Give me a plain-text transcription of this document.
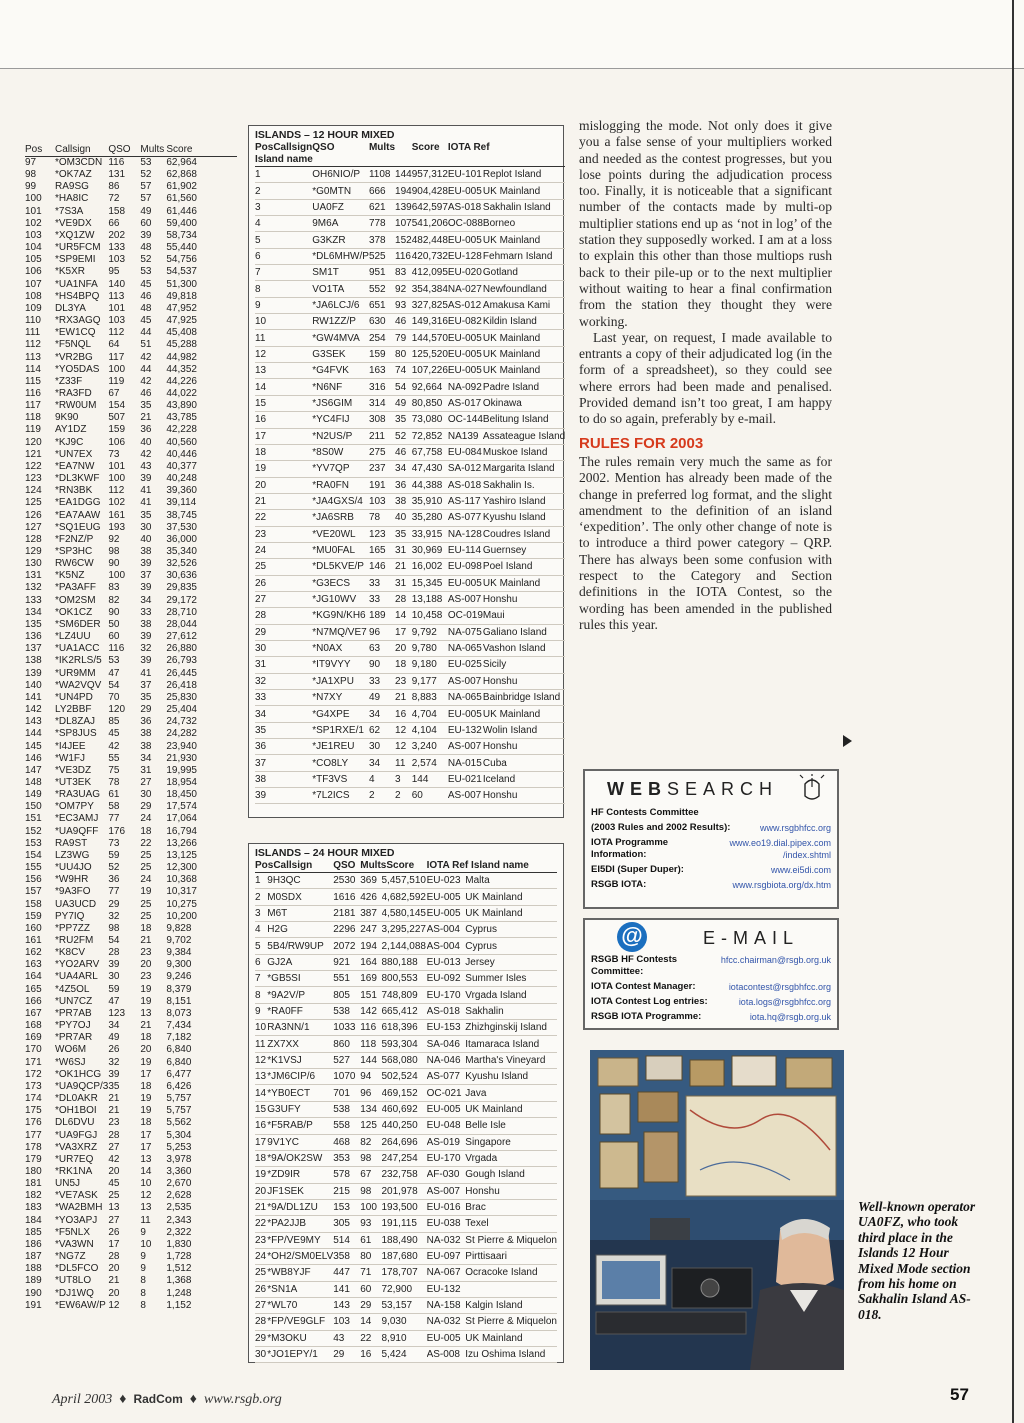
Pos	Callsign	QSO	Mults	Score
97	*OM3CDN	116	53	62,964
98	*OK7AZ	131	52	62,868
99	RA9SG	86	57	61,902
100	*HA8IC	72	57	61,560
101	*7S3A	158	49	61,446
102	*VE9DX	66	60	59,400
103	*XQ1ZW	202	39	58,734
104	*UR5FCM	133	48	55,440
105	*SP9EMI	103	52	54,756
106	*K5XR	95	53	54,537
107	*UA1NFA	140	45	51,300
108	*HS4BPQ	113	46	49,818
109	DL3YA	101	48	47,952
110	*RX3AGQ	103	45	47,925
111	*EW1CQ	112	44	45,408
112	*F5NQL	64	51	45,288
113	*VR2BG	117	42	44,982
114	*YO5DAS	100	44	44,352
115	*Z33F	119	42	44,226
116	*RA3FD	67	46	44,022
117	*RW0UM	154	35	43,890
118	9K90	507	21	43,785
119	AY1DZ	159	36	42,228
120	*KJ9C	106	40	40,560
121	*UN7EX	73	42	40,446
122	*EA7NW	101	43	40,377
123	*DL3KWF	100	39	40,248
124	*RN3BK	112	41	39,360
125	*EA1DGG	102	41	39,114
126	*EA7AAW	161	35	38,745
127	*SQ1EUG	193	30	37,530
128	*F2NZ/P	92	40	36,000
129	*SP3HC	98	38	35,340
130	RW6CW	90	39	32,526
131	*K5NZ	100	37	30,636
132	*PA3AFF	83	39	29,835
133	*OM2SM	82	34	29,172
134	*OK1CZ	90	33	28,710
135	*SM6DER	50	38	28,044
136	*LZ4UU	60	39	27,612
137	*UA1ACC	116	32	26,880
138	*IK2RLS/5	53	39	26,793
139	*UR9MM	47	41	26,445
140	*WA2VQV	54	37	26,418
141	*UN4PD	70	35	25,830
142	LY2BBF	120	29	25,404
143	*DL8ZAJ	85	36	24,732
144	*SP8JUS	45	38	24,282
145	*I4JEE	42	38	23,940
146	*W1FJ	55	34	21,930
147	*VE3DZ	75	31	19,995
148	*UT3EK	78	27	18,954
149	*RA3UAG	61	30	18,450
150	*OM7PY	58	29	17,574
151	*EC3AMJ	77	24	17,064
152	*UA9QFF	176	18	16,794
153	RA9ST	73	22	13,266
154	LZ3WG	59	25	13,125
155	*UU4JO	52	25	12,300
156	*W9HR	36	24	10,368
157	*9A3FO	77	19	10,317
158	UA3UCD	29	25	10,275
159	PY7IQ	32	25	10,200
160	*PP7ZZ	98	18	9,828
161	*RU2FM	54	21	9,702
162	*K8CV	28	23	9,384
163	*YO2ARV	39	20	9,300
164	*UA4ARL	30	23	9,246
165	*4Z5OL	59	19	8,379
166	*UN7CZ	47	19	8,151
167	*PR7AB	123	13	8,073
168	*PY7OJ	34	21	7,434
169	*PR7AR	49	18	7,182
170	WO6M	26	20	6,840
171	*W6SJ	32	19	6,840
172	*OK1HCG	39	17	6,477
173	*UA9QCP/3	35	18	6,426
174	*DL0AKR	21	19	5,757
175	*OH1BOI	21	19	5,757
176	DL6DVU	23	18	5,562
177	*UA9FGJ	28	17	5,304
178	*VA3XRZ	27	17	5,253
179	*UR7EQ	42	13	3,978
180	*RK1NA	20	14	3,360
181	UN5J	45	10	2,670
182	*VE7ASK	25	12	2,628
183	*WA2BMH	13	13	2,535
184	*YO3APJ	27	11	2,343
185	*F5NLX	26	9	2,322
186	*VA3WN	17	10	1,830
187	*NG7Z	28	9	1,728
188	*DL5FCO	20	9	1,512
189	*UT8LO	21	8	1,368
190	*DJ1WQ	20	8	1,248
191	*EW6AW/P	12	8	1,152
ISLANDS – 12 HOUR MIXED						
PosCallsign	QSO	Mults		Score	IOTA Ref	
Island name						
1	OH6NIO/P	1108	144	957,312	EU-101	Replot Island
2	*G0MTN	666	194	904,428	EU-005	UK Mainland
3	UA0FZ	621	139	642,597	AS-018	Sakhalin Island
4	9M6A	778	107	541,206	OC-088	Borneo
5	G3KZR	378	152	482,448	EU-005	UK Mainland
6	*DL6MHW/P	525	116	420,732	EU-128	Fehmarn Island
7	SM1T	951	83	412,095	EU-020	Gotland
8	VO1TA	552	92	354,384	NA-027	Newfoundland
9	*JA6LCJ/6	651	93	327,825	AS-012	Amakusa Kami
10	RW1ZZ/P	630	46	149,316	EU-082	Kildin Island
11	*GW4MVA	254	79	144,570	EU-005	UK Mainland
12	G3SEK	159	80	125,520	EU-005	UK Mainland
13	*G4FVK	163	74	107,226	EU-005	UK Mainland
14	*N6NF	316	54	92,664	NA-092	Padre Island
15	*JS6GIM	314	49	80,850	AS-017	Okinawa
16	*YC4FIJ	308	35	73,080	OC-144	Belitung Island
17	*N2US/P	211	52	72,852	NA139	Assateague Island
18	*8S0W	275	46	67,758	EU-084	Muskoe Island
19	*YV7QP	237	34	47,430	SA-012	Margarita Island
20	*RA0FN	191	36	44,388	AS-018	Sakhalin Is.
21	*JA4GXS/4	103	38	35,910	AS-117	Yashiro Island
22	*JA6SRB	78	40	35,280	AS-077	Kyushu Island
23	*VE20WL	123	35	33,915	NA-128	Coudres Island
24	*MU0FAL	165	31	30,969	EU-114	Guernsey
25	*DL5KVE/P	146	21	16,002	EU-098	Poel Island
26	*G3ECS	33	31	15,345	EU-005	UK Mainland
27	*JG10WV	33	28	13,188	AS-007	Honshu
28	*KG9N/KH6	189	14	10,458	OC-019	Maui
29	*N7MQ/VE7	96	17	9,792	NA-075	Galiano Island
30	*N0AX	63	20	9,780	NA-065	Vashon Island
31	*IT9VYY	90	18	9,180	EU-025	Sicily
32	*JA1XPU	33	23	9,177	AS-007	Honshu
33	*N7XY	49	21	8,883	NA-065	Bainbridge Island
34	*G4XPE	34	16	4,704	EU-005	UK Mainland
35	*SP1RXE/1	62	12	4,104	EU-132	Wolin Island
36	*JE1REU	30	12	3,240	AS-007	Honshu
37	*CO8LY	34	11	2,574	NA-015	Cuba
38	*TF3VS	4	3	144	EU-021	Iceland
39	*7L2ICS	2	2	60	AS-007	Honshu
ISLANDS – 24 HOUR MIXED						
PosCallsign		QSO	MultsScore		IOTA Ref Island name	
1	9H3QC	2530	369	5,457,510	EU-023	Malta
2	M0SDX	1616	426	4,682,592	EU-005	UK Mainland
3	M6T	2181	387	4,580,145	EU-005	UK Mainland
4	H2G	2296	247	3,295,227	AS-004	Cyprus
5	5B4/RW9UP	2072	194	2,144,088	AS-004	Cyprus
6	GJ2A	921	164	880,188	EU-013	Jersey
7	*GB5SI	551	169	800,553	EU-092	Summer Isles
8	*9A2V/P	805	151	748,809	EU-170	Vrgada Island
9	*RA0FF	538	142	665,412	AS-018	Sakhalin
10	RA3NN/1	1033	116	618,396	EU-153	Zhizhginskij Island
11	ZX7XX	860	118	593,304	SA-046	Itamaraca Island
12	*K1VSJ	527	144	568,080	NA-046	Martha's Vineyard
13	*JM6CIP/6	1070	94	502,524	AS-077	Kyushu Island
14	*YB0ECT	701	96	469,152	OC-021	Java
15	G3UFY	538	134	460,692	EU-005	UK Mainland
16	*F5RAB/P	558	125	440,250	EU-048	Belle Isle
17	9V1YC	468	82	264,696	AS-019	Singapore
18	*9A/OK2SW	353	98	247,254	EU-170	Vrgada
19	*ZD9IR	578	67	232,758	AF-030	Gough Island
20	JF1SEK	215	98	201,978	AS-007	Honshu
21	*9A/DL1ZU	153	100	193,500	EU-016	Brac
22	*PA2JJB	305	93	191,115	EU-038	Texel
23	*FP/VE9MY	514	61	188,490	NA-032	St Pierre & Miquelon
24	*OH2/SM0ELV	358	80	187,680	EU-097	Pirttisaari
25	*WB8YJF	447	71	178,707	NA-067	Ocracoke Island
26	*SN1A	141	60	72,900	EU-132	
27	*WL70	143	29	53,157	NA-158	Kalgin Island
28	*FP/VE9GLF	103	14	9,030	NA-032	St Pierre & Miquelon
29	*M3OKU	43	22	8,910	EU-005	UK Mainland
30	*JO1EPY/1	29	16	5,424	AS-008	Izu Oshima Island

mislogging the mode. Not only does it give you a false sense of your multipliers worked and needed as the contest progresses, but you lose points during the adjudication process too. Finally, it is noticeable that a significant number of the contacts made by multi-op multiplier stations end up as ‘not in log’ of the station they supposedly worked. I am at a loss to explain this other than those multiops rush back to their pile-up or to the next multiplier without waiting to hear a final confirmation from the station they thought they were working.

Last year, on request, I made available to entrants a copy of their adjudicated log (in the form of a spreadsheet), so they could see where errors had been made and penalised. Provided demand isn’t too great, I am happy to do so again, preferably by e-mail.

RULES FOR 2003

The rules remain very much the same as for 2002. Mention has already been made of the change in preferred log format, and the slight amendment to the definition of an island ‘expedition’. The only other change of note is to introduce a third power category – QRP. There has always been some confusion with respect to the Category and Section definitions in the IOTA Contest, so the wording has been amended in the published rules this year.

WEBSEARCH
HF Contests Committee
(2003 Rules and 2002 Results):	www.rsgbhfcc.org
IOTA Programme Information:
www.eo19.dial.pipex.com /index.shtml
EI5DI (Super Duper):	www.ei5di.com
RSGB IOTA:	www.rsgbiota.org/dx.htm
@	E-MAIL
RSGB HF Contests Committee:
hfcc.chairman@rsgb.org.uk
IOTA Contest Manager:	iotacontest@rsgbhfcc.org
IOTA Contest Log entries:	iota.logs@rsgbhfcc.org
RSGB IOTA Programme:	iota.hq@rsgb.org.uk
Well-known operator UA0FZ, who took third place in the Islands 12 Hour Mixed Mode section from his home on Sakhalin Island AS-018.
April 2003  ♦  RadCom  ♦  www.rsgb.org	57
